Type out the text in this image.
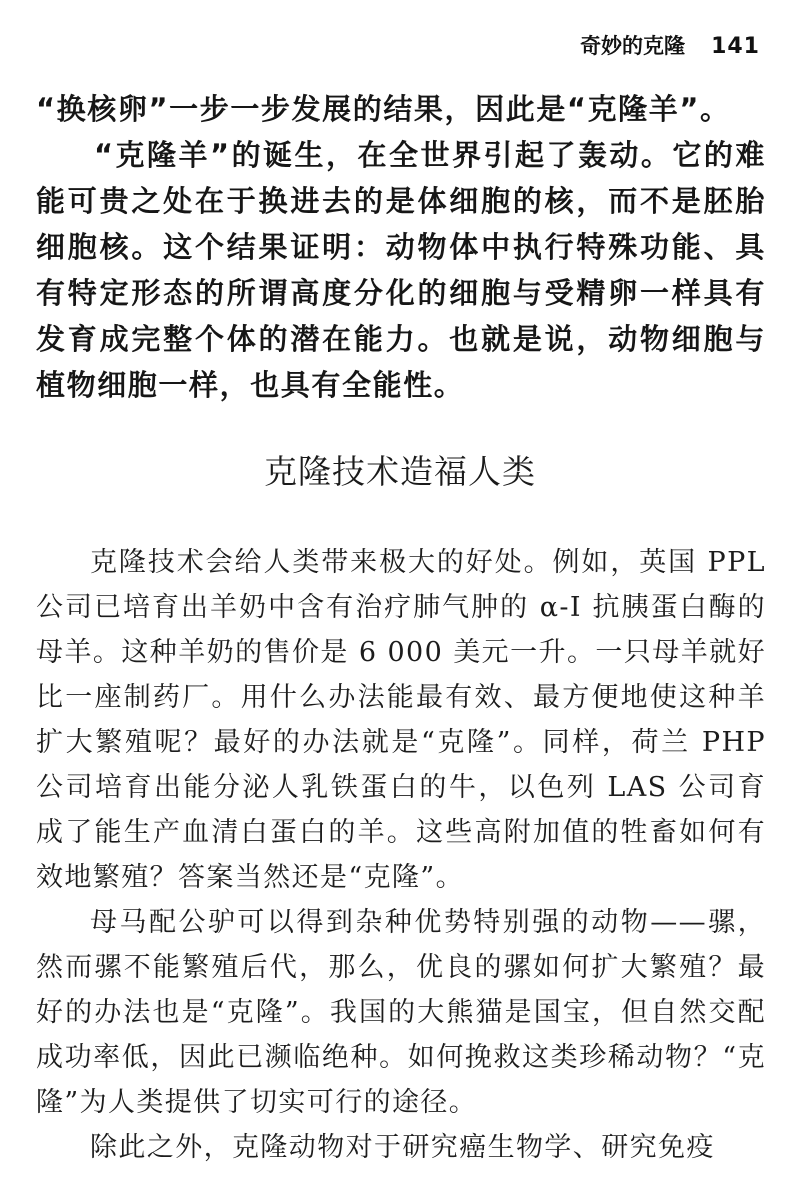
奇妙的克隆 141

“换核卵”一步一步发展的结果，因此是“克隆羊”。

“克隆羊”的诞生，在全世界引起了轰动。它的难能可贵之处在于换进去的是体细胞的核，而不是胚胎细胞核。这个结果证明：动物体中执行特殊功能、具有特定形态的所谓高度分化的细胞与受精卵一样具有发育成完整个体的潜在能力。也就是说，动物细胞与植物细胞一样，也具有全能性。

克隆技术造福人类

克隆技术会给人类带来极大的好处。例如，英国 PPL 公司已培育出羊奶中含有治疗肺气肿的 α-I 抗胰蛋白酶的母羊。这种羊奶的售价是 6 000 美元一升。一只母羊就好比一座制药厂。用什么办法能最有效、最方便地使这种羊扩大繁殖呢？最好的办法就是“克隆”。同样，荷兰 PHP 公司培育出能分泌人乳铁蛋白的牛，以色列 LAS 公司育成了能生产血清白蛋白的羊。这些高附加值的牲畜如何有效地繁殖？答案当然还是“克隆”。

母马配公驴可以得到杂种优势特别强的动物——骡，然而骡不能繁殖后代，那么，优良的骡如何扩大繁殖？最好的办法也是“克隆”。我国的大熊猫是国宝，但自然交配成功率低，因此已濒临绝种。如何挽救这类珍稀动物？“克隆”为人类提供了切实可行的途径。

除此之外，克隆动物对于研究癌生物学、研究免疫
